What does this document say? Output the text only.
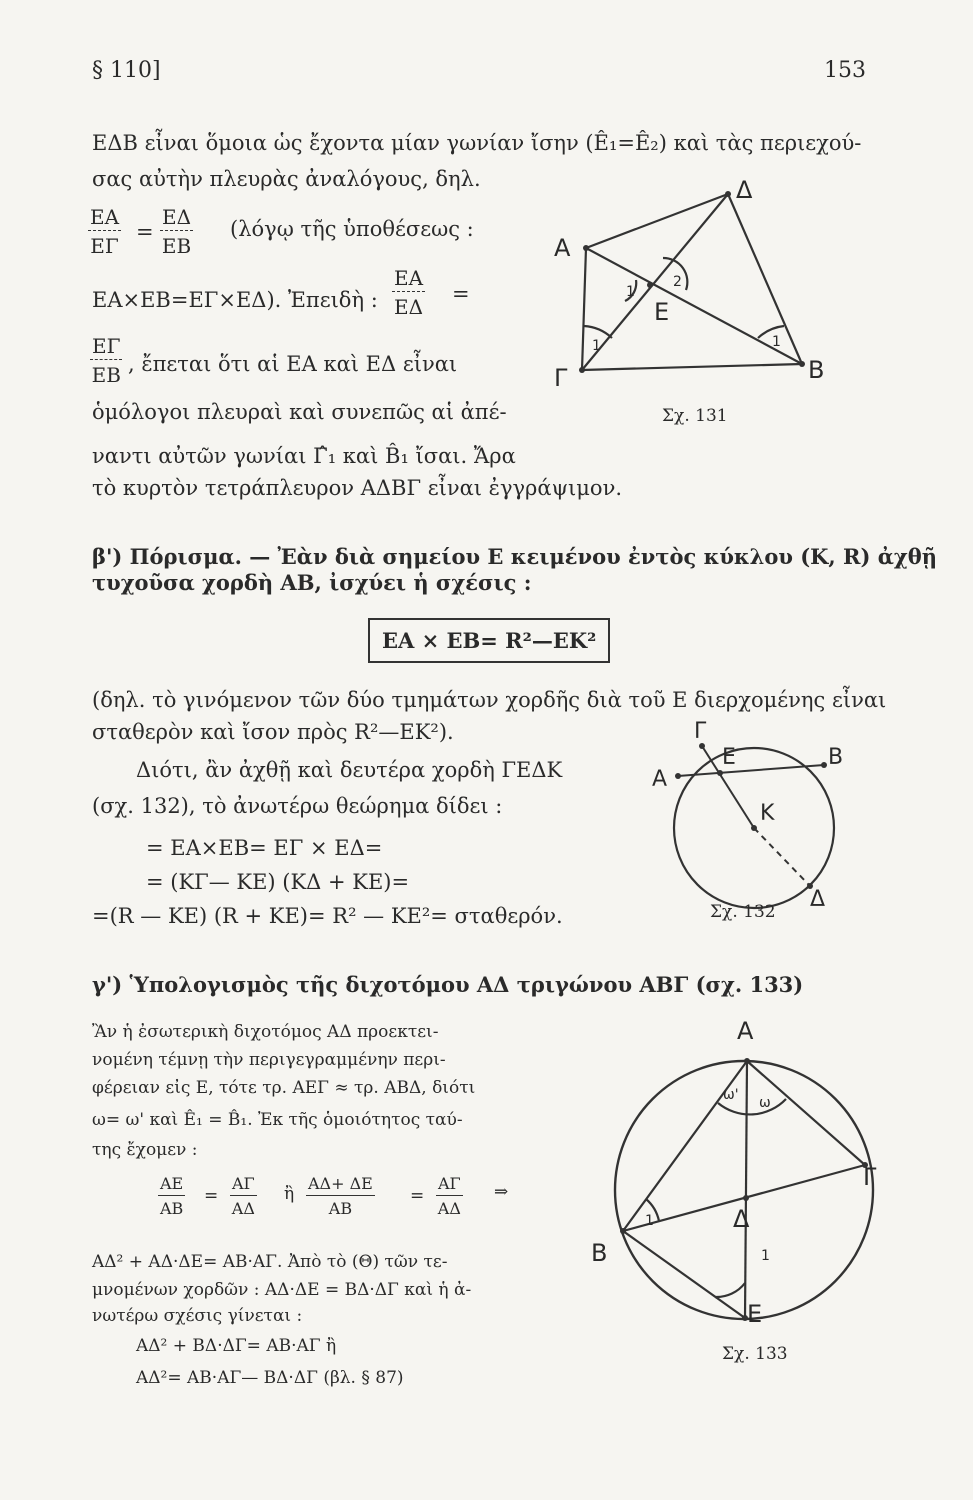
§ 110]	153
ΕΔΒ εἶναι ὅμοια ὡς ἔχοντα μίαν γωνίαν ἴσην (Ê₁=Ê₂) καὶ τὰς περιεχού-
σας αὐτὴν πλευρὰς ἀναλόγους, δηλ.
$\frac{EA}{E\Gamma} = \frac{E\Delta}{EB}$ (λόγῳ τῆς ὑποθέσεως :
ΕΑ×ΕΒ=ΕΓ×ΕΔ). Ἐπειδὴ : $\frac{EA}{E\Delta}$ =
$\frac{E\Gamma}{EB}$ , ἔπεται ὅτι αἱ ΕΑ καὶ ΕΔ εἶναι
ὁμόλογοι πλευραὶ καὶ συνεπῶς αἱ ἀπέ-
ναντι αὐτῶν γωνίαι Γ̂₁ καὶ B̂₁ ἴσαι. Ἄρα
τὸ κυρτὸν τετράπλευρον ΑΔΒΓ εἶναι ἐγγράψιμον.
Α
Δ
Ε
Γ	Β
1
2
1	1
Σχ. 131
β') Πόρισμα. — Ἐὰν διὰ σημείου Ε κειμένου ἐντὸς κύκλου (Κ, R) ἀχθῇ
τυχοῦσα χορδὴ ΑΒ, ἰσχύει ἡ σχέσις :
ΕΑ × ΕΒ= R²—ΕΚ²
(δηλ. τὸ γινόμενον τῶν δύο τμημάτων χορδῆς διὰ τοῦ Ε διερχομένης εἶναι
σταθερὸν καὶ ἴσον πρὸς R²—ΕΚ²).
Διότι, ἂν ἀχθῇ καὶ δευτέρα χορδὴ ΓΕΔΚ
(σχ. 132), τὸ ἀνωτέρω θεώρημα δίδει :
= ΕΑ×ΕΒ= ΕΓ × ΕΔ=
= (ΚΓ— ΚΕ) (ΚΔ + ΚΕ)=
=(R — ΚΕ) (R + ΚΕ)= R² — ΚΕ²= σταθερόν.
Γ
Ε	Β
Α
Κ
Δ
Σχ. 132
γ') Ὑπολογισμὸς τῆς διχοτόμου ΑΔ τριγώνου ΑΒΓ (σχ. 133)
Ἂν ἡ ἐσωτερικὴ διχοτόμος ΑΔ προεκτει-
νομένη τέμνῃ τὴν περιγεγραμμένην περι-
φέρειαν εἰς Ε, τότε τρ. ΑΕΓ ≈ τρ. ΑΒΔ, διότι
ω= ω' καὶ Ê₁ = B̂₁. Ἐκ τῆς ὁμοιότητος ταύ-
της ἔχομεν :
$\frac{AE}{AB} = \frac{A\Gamma}{A\Delta}$ ἢ $\frac{A\Delta+ \Delta E}{AB} = \frac{A\Gamma}{A\Delta}$ ⇒
ΑΔ² + ΑΔ·ΔΕ= ΑΒ·ΑΓ. Ἀπὸ τὸ (Θ) τῶν τε-
μνομένων χορδῶν : ΑΔ·ΔΕ = ΒΔ·ΔΓ καὶ ἡ ἀ-
νωτέρω σχέσις γίνεται :
ΑΔ² + ΒΔ·ΔΓ= ΑΒ·ΑΓ ἢ
ΑΔ²= ΑΒ·ΑΓ— ΒΔ·ΔΓ (βλ. § 87)
Α
ω' ω
Γ
Δ
Β
Ε
1
1
Σχ. 133
